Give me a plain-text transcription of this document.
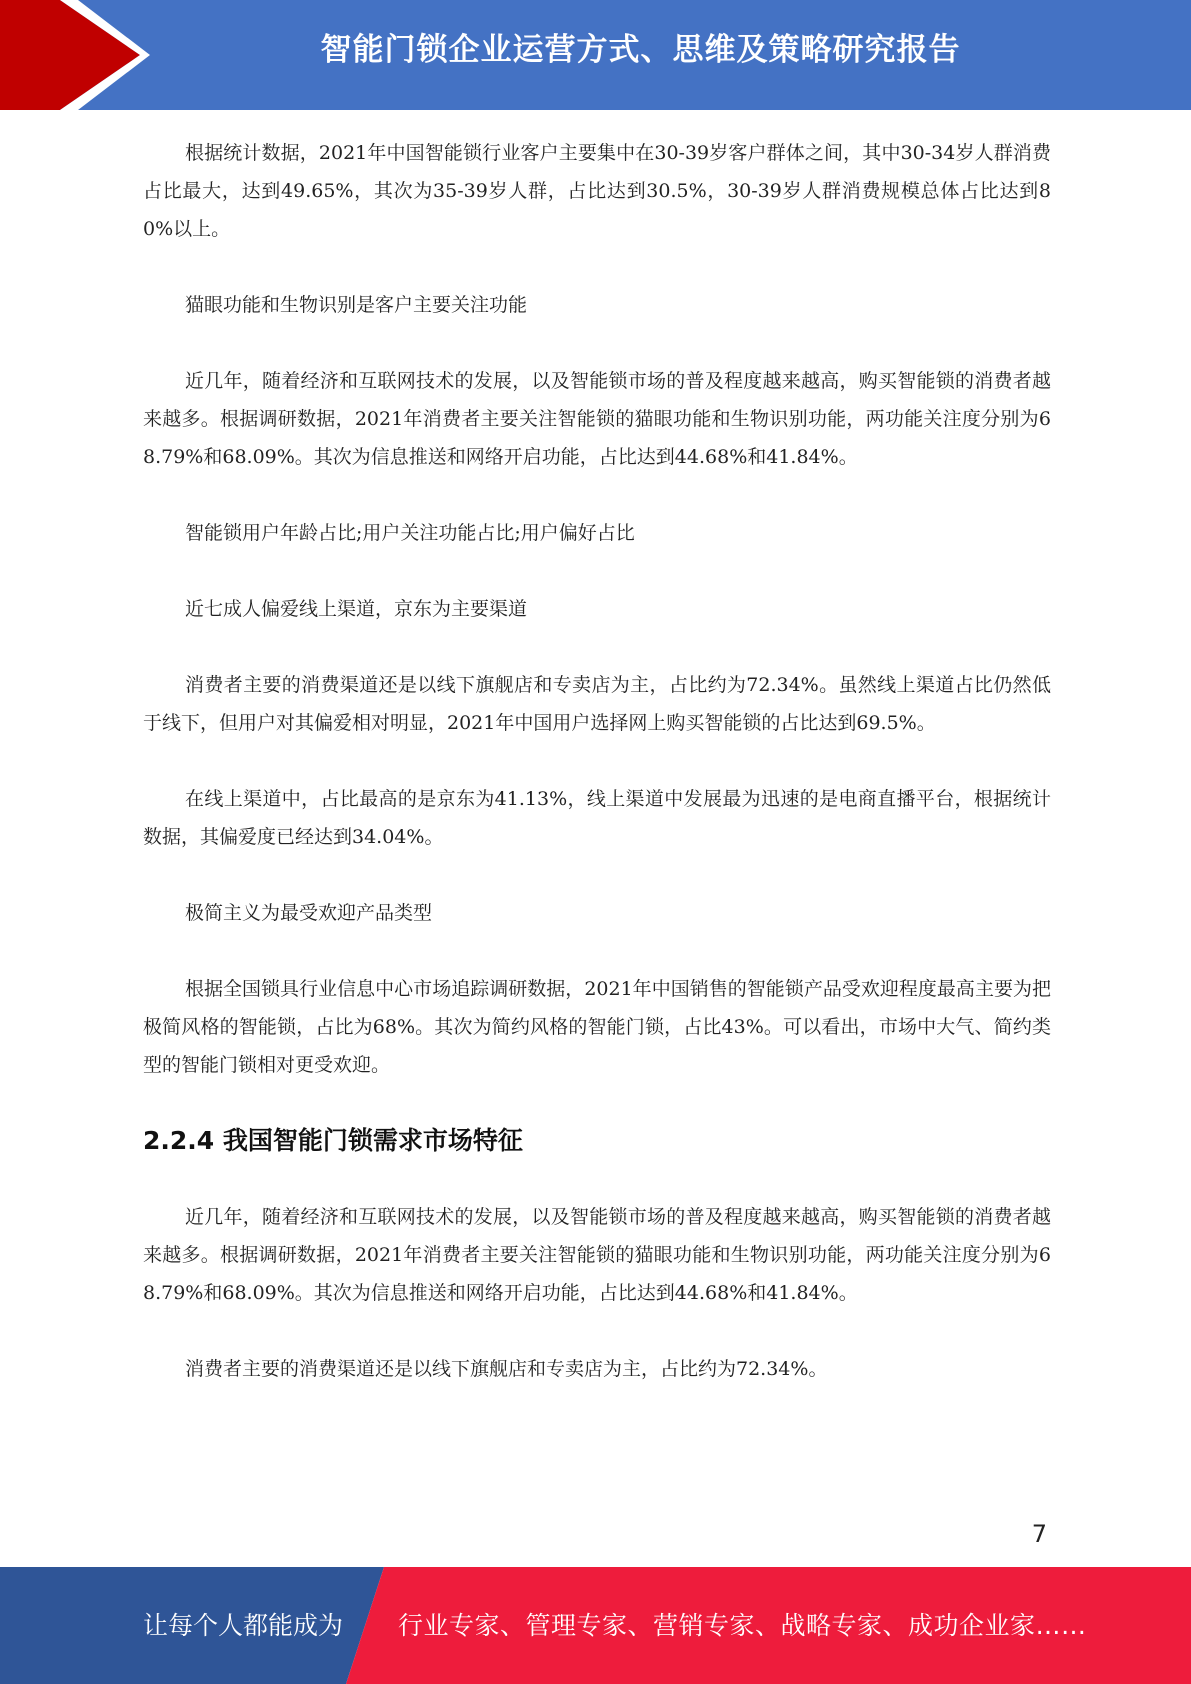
智能门锁企业运营方式、思维及策略研究报告

根据统计数据，2021年中国智能锁行业客户主要集中在30-39岁客户群体之间，其中30-34岁人群消费占比最大，达到49.65%，其次为35-39岁人群，占比达到30.5%，30-39岁人群消费规模总体占比达到80%以上。

猫眼功能和生物识别是客户主要关注功能

近几年，随着经济和互联网技术的发展，以及智能锁市场的普及程度越来越高，购买智能锁的消费者越来越多。根据调研数据，2021年消费者主要关注智能锁的猫眼功能和生物识别功能，两功能关注度分别为68.79%和68.09%。其次为信息推送和网络开启功能，占比达到44.68%和41.84%。

智能锁用户年龄占比;用户关注功能占比;用户偏好占比

近七成人偏爱线上渠道，京东为主要渠道

消费者主要的消费渠道还是以线下旗舰店和专卖店为主，占比约为72.34%。虽然线上渠道占比仍然低于线下，但用户对其偏爱相对明显，2021年中国用户选择网上购买智能锁的占比达到69.5%。

在线上渠道中，占比最高的是京东为41.13%，线上渠道中发展最为迅速的是电商直播平台，根据统计数据，其偏爱度已经达到34.04%。

极简主义为最受欢迎产品类型

根据全国锁具行业信息中心市场追踪调研数据，2021年中国销售的智能锁产品受欢迎程度最高主要为把极简风格的智能锁，占比为68%。其次为简约风格的智能门锁，占比43%。可以看出，市场中大气、简约类型的智能门锁相对更受欢迎。

2.2.4 我国智能门锁需求市场特征

近几年，随着经济和互联网技术的发展，以及智能锁市场的普及程度越来越高，购买智能锁的消费者越来越多。根据调研数据，2021年消费者主要关注智能锁的猫眼功能和生物识别功能，两功能关注度分别为68.79%和68.09%。其次为信息推送和网络开启功能，占比达到44.68%和41.84%。

消费者主要的消费渠道还是以线下旗舰店和专卖店为主，占比约为72.34%。

7
让每个人都能成为 行业专家、管理专家、营销专家、战略专家、成功企业家……
